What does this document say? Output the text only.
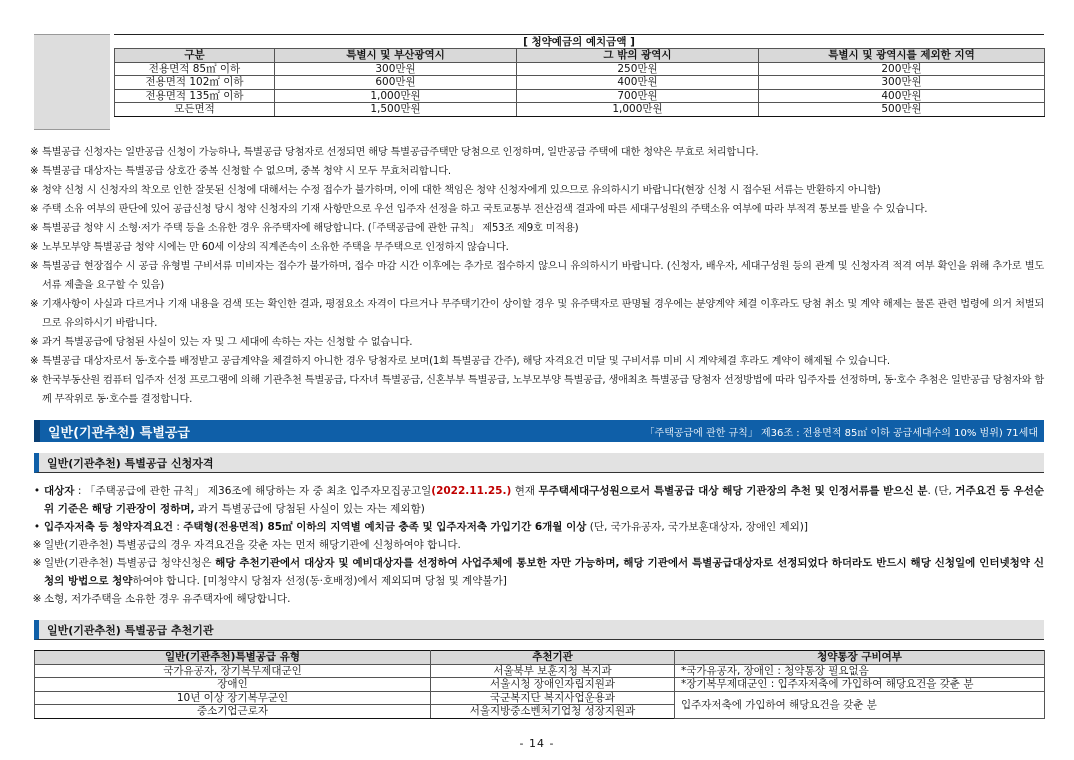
[ 청약예금의 예치금액 ]
구분	특별시 및 부산광역시	그 밖의 광역시	특별시 및 광역시를 제외한 지역
전용면적 85㎡ 이하	300만원	250만원	200만원
전용면적 102㎡ 이하	600만원	400만원	300만원
전용면적 135㎡ 이하	1,000만원	700만원	400만원
모든면적	1,500만원	1,000만원	500만원
※ 특별공급 신청자는 일반공급 신청이 가능하나, 특별공급 당첨자로 선정되면 해당 특별공급주택만 당첨으로 인정하며, 일반공급 주택에 대한 청약은 무효로 처리합니다.
※ 특별공급 대상자는 특별공급 상호간 중복 신청할 수 없으며, 중복 청약 시 모두 무효처리합니다.
※ 청약 신청 시 신청자의 착오로 인한 잘못된 신청에 대해서는 수정 접수가 불가하며, 이에 대한 책임은 청약 신청자에게 있으므로 유의하시기 바랍니다(현장 신청 시 접수된 서류는 반환하지 아니함)
※ 주택 소유 여부의 판단에 있어 공급신청 당시 청약 신청자의 기재 사항만으로 우선 입주자 선정을 하고 국토교통부 전산검색 결과에 따른 세대구성원의 주택소유 여부에 따라 부적격 통보를 받을 수 있습니다.
※ 특별공급 청약 시 소형·저가 주택 등을 소유한 경우 유주택자에 해당합니다. (「주택공급에 관한 규칙」 제53조 제9호 미적용)
※ 노부모부양 특별공급 청약 시에는 만 60세 이상의 직계존속이 소유한 주택을 무주택으로 인정하지 않습니다.
※ 특별공급 현장접수 시 공급 유형별 구비서류 미비자는 접수가 불가하며, 접수 마감 시간 이후에는 추가로 접수하지 않으니 유의하시기 바랍니다. (신청자, 배우자, 세대구성원 등의 관계 및 신청자격 적격 여부 확인을 위해 추가로 별도 서류 제출을 요구할 수 있음)
※ 기재사항이 사실과 다르거나 기재 내용을 검색 또는 확인한 결과, 평점요소 자격이 다르거나 무주택기간이 상이할 경우 및 유주택자로 판명될 경우에는 분양계약 체결 이후라도 당첨 취소 및 계약 해제는 물론 관련 법령에 의거 처벌되므로 유의하시기 바랍니다.
※ 과거 특별공급에 당첨된 사실이 있는 자 및 그 세대에 속하는 자는 신청할 수 없습니다.
※ 특별공급 대상자로서 동·호수를 배정받고 공급계약을 체결하지 아니한 경우 당첨자로 보며(1회 특별공급 간주), 해당 자격요건 미달 및 구비서류 미비 시 계약체결 후라도 계약이 해제될 수 있습니다.
※ 한국부동산원 컴퓨터 입주자 선정 프로그램에 의해 기관추천 특별공급, 다자녀 특별공급, 신혼부부 특별공급, 노부모부양 특별공급, 생애최초 특별공급 당첨자 선정방법에 따라 입주자를 선정하며, 동·호수 추첨은 일반공급 당첨자와 함께 무작위로 동·호수를 결정합니다.
일반(기관추천) 특별공급	「주택공급에 관한 규칙」 제36조 : 전용면적 85㎡ 이하 공급세대수의 10% 범위) 71세대
일반(기관추천) 특별공급 신청자격
• 대상자 : 「주택공급에 관한 규칙」 제36조에 해당하는 자 중 최초 입주자모집공고일(2022.11.25.) 현재 무주택세대구성원으로서 특별공급 대상 해당 기관장의 추천 및 인정서류를 받으신 분. (단, 거주요건 등 우선순위 기준은 해당 기관장이 정하며, 과거 특별공급에 당첨된 사실이 있는 자는 제외함)
• 입주자저축 등 청약자격요건 : 주택형(전용면적) 85㎡ 이하의 지역별 예치금 충족 및 입주자저축 가입기간 6개월 이상 (단, 국가유공자, 국가보훈대상자, 장애인 제외)]
※ 일반(기관추천) 특별공급의 경우 자격요건을 갖춘 자는 먼저 해당기관에 신청하여야 합니다.
※ 일반(기관추천) 특별공급 청약신청은 해당 추천기관에서 대상자 및 예비대상자를 선정하여 사업주체에 통보한 자만 가능하며, 해당 기관에서 특별공급대상자로 선정되었다 하더라도 반드시 해당 신청일에 인터넷청약 신청의 방법으로 청약하여야 합니다. [미청약시 당첨자 선정(동·호배정)에서 제외되며 당첨 및 계약불가]
※ 소형, 저가주택을 소유한 경우 유주택자에 해당합니다.
일반(기관추천) 특별공급 추천기관
일반(기관추천)특별공급 유형	추천기관	청약통장 구비여부
국가유공자, 장기복무제대군인	서울북부 보훈지청 복지과	*국가유공자, 장애인 : 청약통장 필요없음
장애인	서울시청 장애인자립지원과	*장기복무제대군인 : 입주자저축에 가입하여 해당요건을 갖춘 분
10년 이상 장기복무군인	국군복지단 복지사업운용과	입주자저축에 가입하여 해당요건을 갖춘 분
중소기업근로자	서울지방중소벤처기업청 성장지원과	
- 14 -
